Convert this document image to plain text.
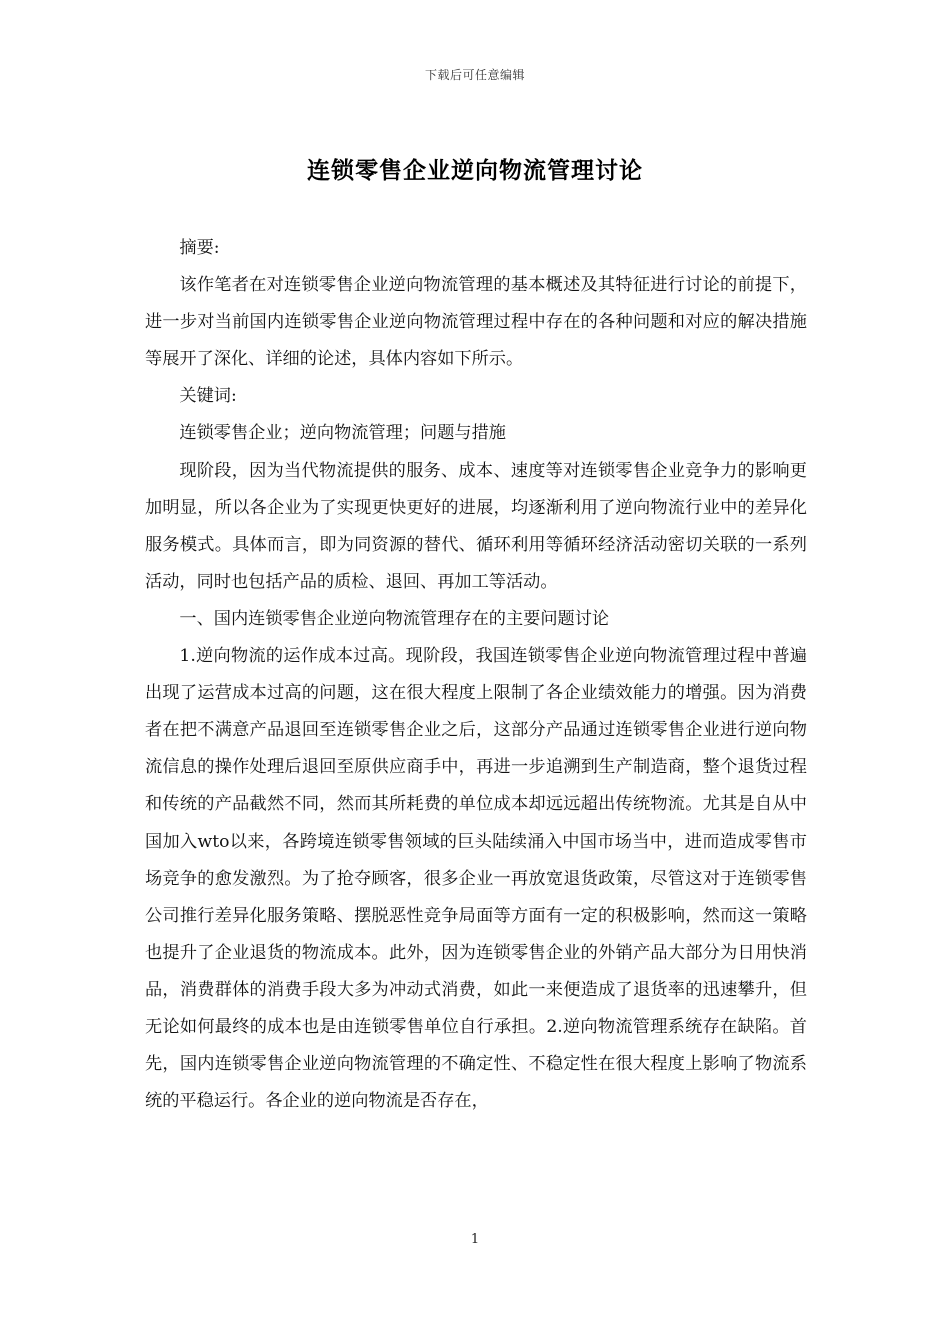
下载后可任意编辑
连锁零售企业逆向物流管理讨论

摘要:

该作笔者在对连锁零售企业逆向物流管理的基本概述及其特征进行讨论的前提下，进一步对当前国内连锁零售企业逆向物流管理过程中存在的各种问题和对应的解决措施等展开了深化、详细的论述，具体内容如下所示。

关键词:

连锁零售企业；逆向物流管理；问题与措施

现阶段，因为当代物流提供的服务、成本、速度等对连锁零售企业竞争力的影响更加明显，所以各企业为了实现更快更好的进展，均逐渐利用了逆向物流行业中的差异化服务模式。具体而言，即为同资源的替代、循环利用等循环经济活动密切关联的一系列活动，同时也包括产品的质检、退回、再加工等活动。

一、国内连锁零售企业逆向物流管理存在的主要问题讨论

1.逆向物流的运作成本过高。现阶段，我国连锁零售企业逆向物流管理过程中普遍出现了运营成本过高的问题，这在很大程度上限制了各企业绩效能力的增强。因为消费者在把不满意产品退回至连锁零售企业之后，这部分产品通过连锁零售企业进行逆向物流信息的操作处理后退回至原供应商手中，再进一步追溯到生产制造商，整个退货过程和传统的产品截然不同，然而其所耗费的单位成本却远远超出传统物流。尤其是自从中国加入wto以来，各跨境连锁零售领域的巨头陆续涌入中国市场当中，进而造成零售市场竞争的愈发激烈。为了抢夺顾客，很多企业一再放宽退货政策，尽管这对于连锁零售公司推行差异化服务策略、摆脱恶性竞争局面等方面有一定的积极影响，然而这一策略也提升了企业退货的物流成本。此外，因为连锁零售企业的外销产品大部分为日用快消品，消费群体的消费手段大多为冲动式消费，如此一来便造成了退货率的迅速攀升，但无论如何最终的成本也是由连锁零售单位自行承担。2.逆向物流管理系统存在缺陷。首先，国内连锁零售企业逆向物流管理的不确定性、不稳定性在很大程度上影响了物流系统的平稳运行。各企业的逆向物流是否存在，

1
